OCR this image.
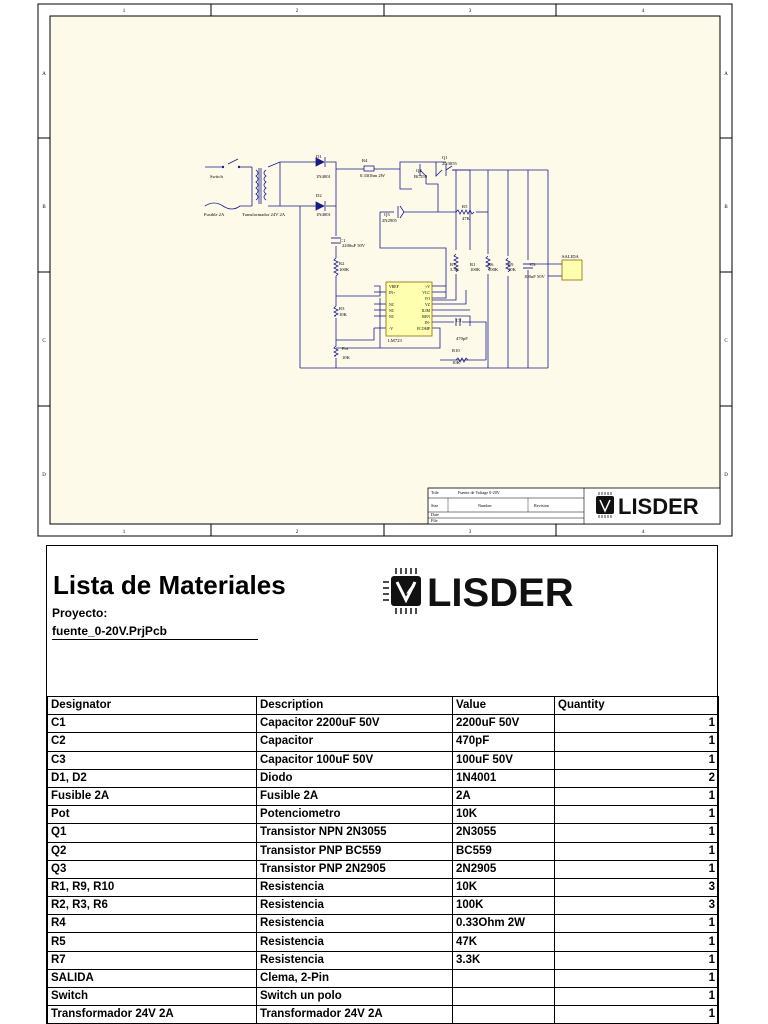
1	2	3	4
1	2	3	4
A
B
C
D
A
B
C
D
Switch
Fusible 2A	Transformador 24V 2A
D1
1N4001
D2
1N4001
R4
0.33Ohm 2W
Q1
2N3055
Q2
BC559
Q3
2N2905
R5
47K
C1
2200uF 50V
R2
100K
R3
10K
Pot
10K
R7
3.3K
R1
100K
R6
100K
R9
10K
C3
100uF 50V
SALIDA
C2
470pF
R10
10K
LM723
VREF
IN+
NC
NC
NC
-V
+V
VCC
VO
VZ
ILIM
ISEN
IN-
FCOMP
Title	Fuente de Voltage 0-20V
Size	Number	Revision
Date
File
LISDER
Lista de Materiales
Proyecto:
fuente_0-20V.PrjPcb
LISDER
Designator	Description	Value	Quantity
C1	Capacitor 2200uF 50V	2200uF 50V	1
C2	Capacitor	470pF	1
C3	Capacitor 100uF 50V	100uF 50V	1
D1, D2	Diodo	1N4001	2
Fusible 2A	Fusible 2A	2A	1
Pot	Potenciometro	10K	1
Q1	Transistor NPN 2N3055	2N3055	1
Q2	Transistor PNP BC559	BC559	1
Q3	Transistor PNP 2N2905	2N2905	1
R1, R9, R10	Resistencia	10K	3
R2, R3, R6	Resistencia	100K	3
R4	Resistencia	0.33Ohm 2W	1
R5	Resistencia	47K	1
R7	Resistencia	3.3K	1
SALIDA	Clema, 2-Pin		1
Switch	Switch un polo		1
Transformador 24V 2A	Transformador 24V 2A		1
